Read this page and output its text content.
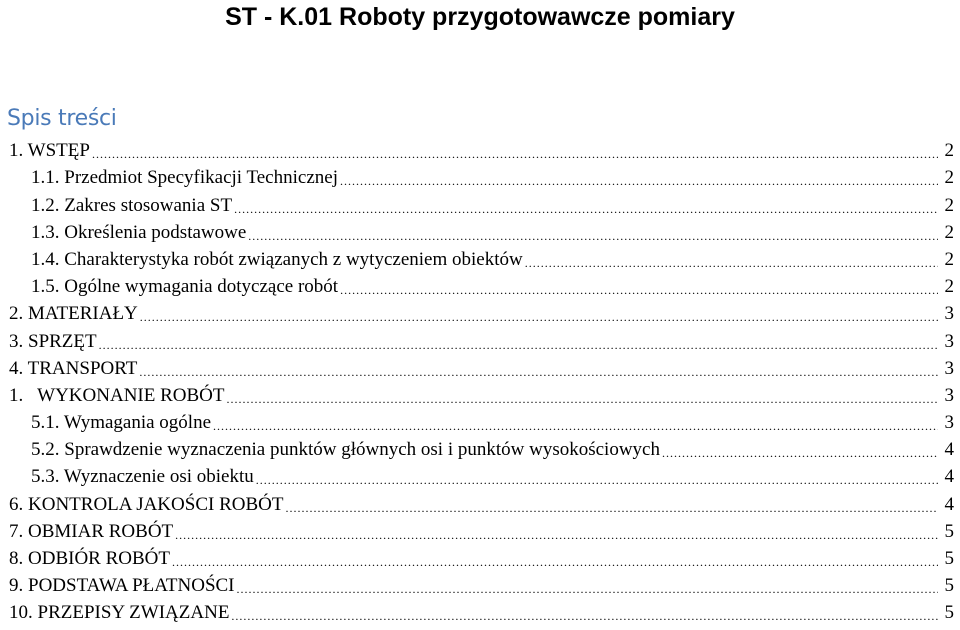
ST - K.01 Roboty przygotowawcze pomiary
Spis treści
1. WSTĘP .....	2
1.1. Przedmiot Specyfikacji Technicznej .....	2
1.2. Zakres stosowania ST .....	2
1.3. Określenia podstawowe .....	2
1.4. Charakterystyka robót związanych z wytyczeniem obiektów .....	2
1.5. Ogólne wymagania dotyczące robót .....	2
2. MATERIAŁY .....	3
3. SPRZĘT .....	3
4. TRANSPORT .....	3
1.   WYKONANIE ROBÓT .....	3
5.1. Wymagania ogólne .....	3
5.2. Sprawdzenie wyznaczenia punktów głównych osi i punktów wysokościowych .....	4
5.3. Wyznaczenie osi obiektu .....	4
6. KONTROLA JAKOŚCI ROBÓT .....	4
7. OBMIAR ROBÓT .....	5
8. ODBIÓR ROBÓT .....	5
9. PODSTAWA PŁATNOŚCI .....	5
10. PRZEPISY ZWIĄZANE .....	5
